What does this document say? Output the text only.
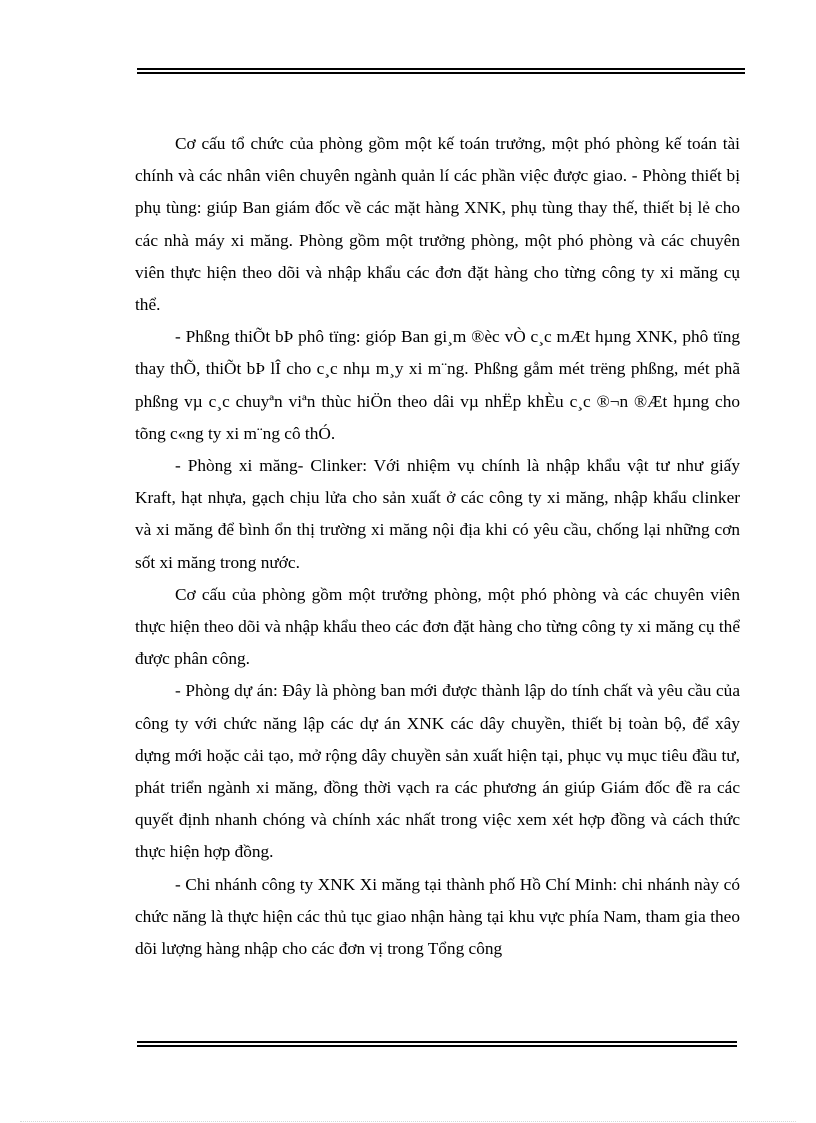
Cơ cấu tổ chức của phòng gồm một kế toán trưởng, một phó phòng kế toán tài chính và các nhân viên chuyên ngành quản lí các phần việc được giao. - Phòng thiết bị phụ tùng: giúp Ban giám đốc về các mặt hàng XNK, phụ tùng thay thế, thiết bị lẻ cho các nhà máy xi măng. Phòng gồm một trưởng phòng, một phó phòng và các chuyên viên thực hiện theo dõi và nhập khẩu các đơn đặt hàng cho từng công ty xi măng cụ thể.

- Phßng thiÕt bÞ phô tïng: gióp Ban gi¸m ®èc vÒ c¸c mÆt hµng XNK, phô tïng thay thÕ, thiÕt bÞ lÎ cho c¸c nhµ m¸y xi m¨ng. Phßng gåm mét trëng phßng, mét phã phßng vµ c¸c chuyªn viªn thùc hiÖn theo dâi vµ nhËp khÈu c¸c ®¬n ®Æt hµng cho tõng c«ng ty xi m¨ng cô thÓ.

- Phòng xi măng- Clinker: Với nhiệm vụ chính là nhập khẩu vật tư như giấy Kraft, hạt nhựa, gạch chịu lửa cho sản xuất ở các công ty xi măng, nhập khẩu clinker và xi măng để bình ổn thị trường xi măng nội địa khi có yêu cầu, chống lại những cơn sốt xi măng trong nước.

Cơ cấu của phòng gồm một trưởng phòng, một phó phòng và các chuyên viên thực hiện theo dõi và nhập khẩu theo các đơn đặt hàng cho từng công ty xi măng cụ thể được phân công.

- Phòng dự án: Đây là phòng ban mới được thành lập do tính chất và yêu cầu của công ty với chức năng lập các dự án XNK các dây chuyền, thiết bị toàn bộ, để xây dựng mới hoặc cải tạo, mở rộng dây chuyền sản xuất hiện tại, phục vụ mục tiêu đầu tư, phát triển ngành xi măng, đồng thời vạch ra các phương án giúp Giám đốc đề ra các quyết định nhanh chóng và chính xác nhất trong việc xem xét hợp đồng và cách thức thực hiện hợp đồng.

- Chi nhánh công ty XNK Xi măng tại thành phố Hồ Chí Minh: chi nhánh này có chức năng là thực hiện các thủ tục giao nhận hàng tại khu vực phía Nam, tham gia theo dõi lượng hàng nhập cho các đơn vị trong Tổng công
